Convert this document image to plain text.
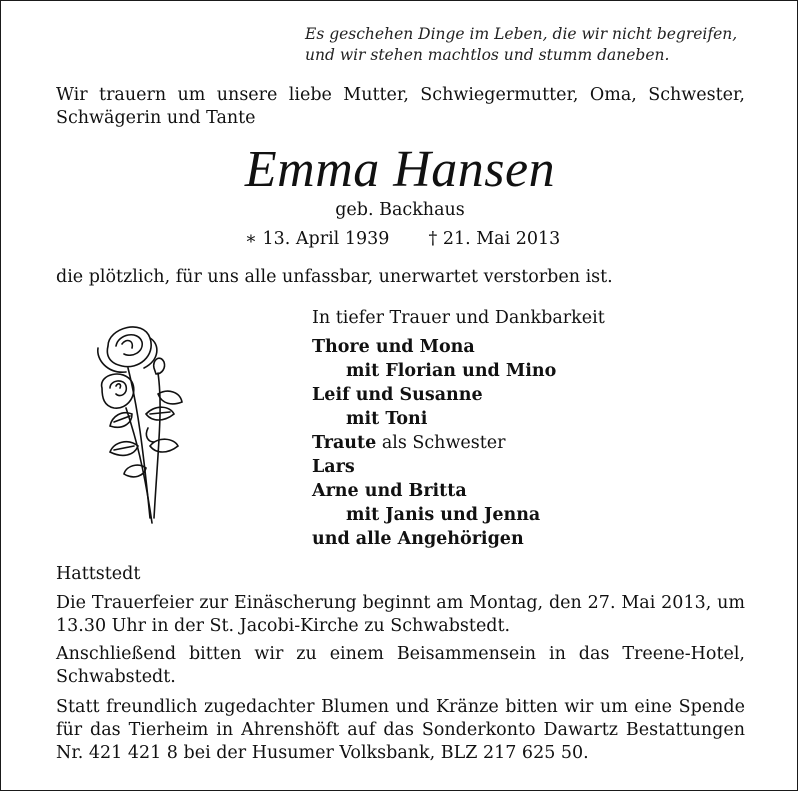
Es geschehen Dinge im Leben, die wir nicht begreifen,
und wir stehen machtlos und stumm daneben.
Wir trauern um unsere liebe Mutter, Schwiegermutter, Oma, Schwester,
Schwägerin und Tante
Emma Hansen
geb. Backhaus
∗ 13. April 1939 † 21. Mai 2013
die plötzlich, für uns alle unfassbar, unerwartet verstorben ist.
In tiefer Trauer und Dankbarkeit
Thore und Mona
mit Florian und Mino
Leif und Susanne
mit Toni
Traute als Schwester
Lars
Arne und Britta
mit Janis und Jenna
und alle Angehörigen
Hattstedt
Die Trauerfeier zur Einäscherung beginnt am Montag, den 27. Mai 2013, um
13.30 Uhr in der St. Jacobi-Kirche zu Schwabstedt.
Anschließend bitten wir zu einem Beisammensein in das Treene-Hotel,
Schwabstedt.
Statt freundlich zugedachter Blumen und Kränze bitten wir um eine Spende
für das Tierheim in Ahrenshöft auf das Sonderkonto Dawartz Bestattungen
Nr. 421 421 8 bei der Husumer Volksbank, BLZ 217 625 50.
